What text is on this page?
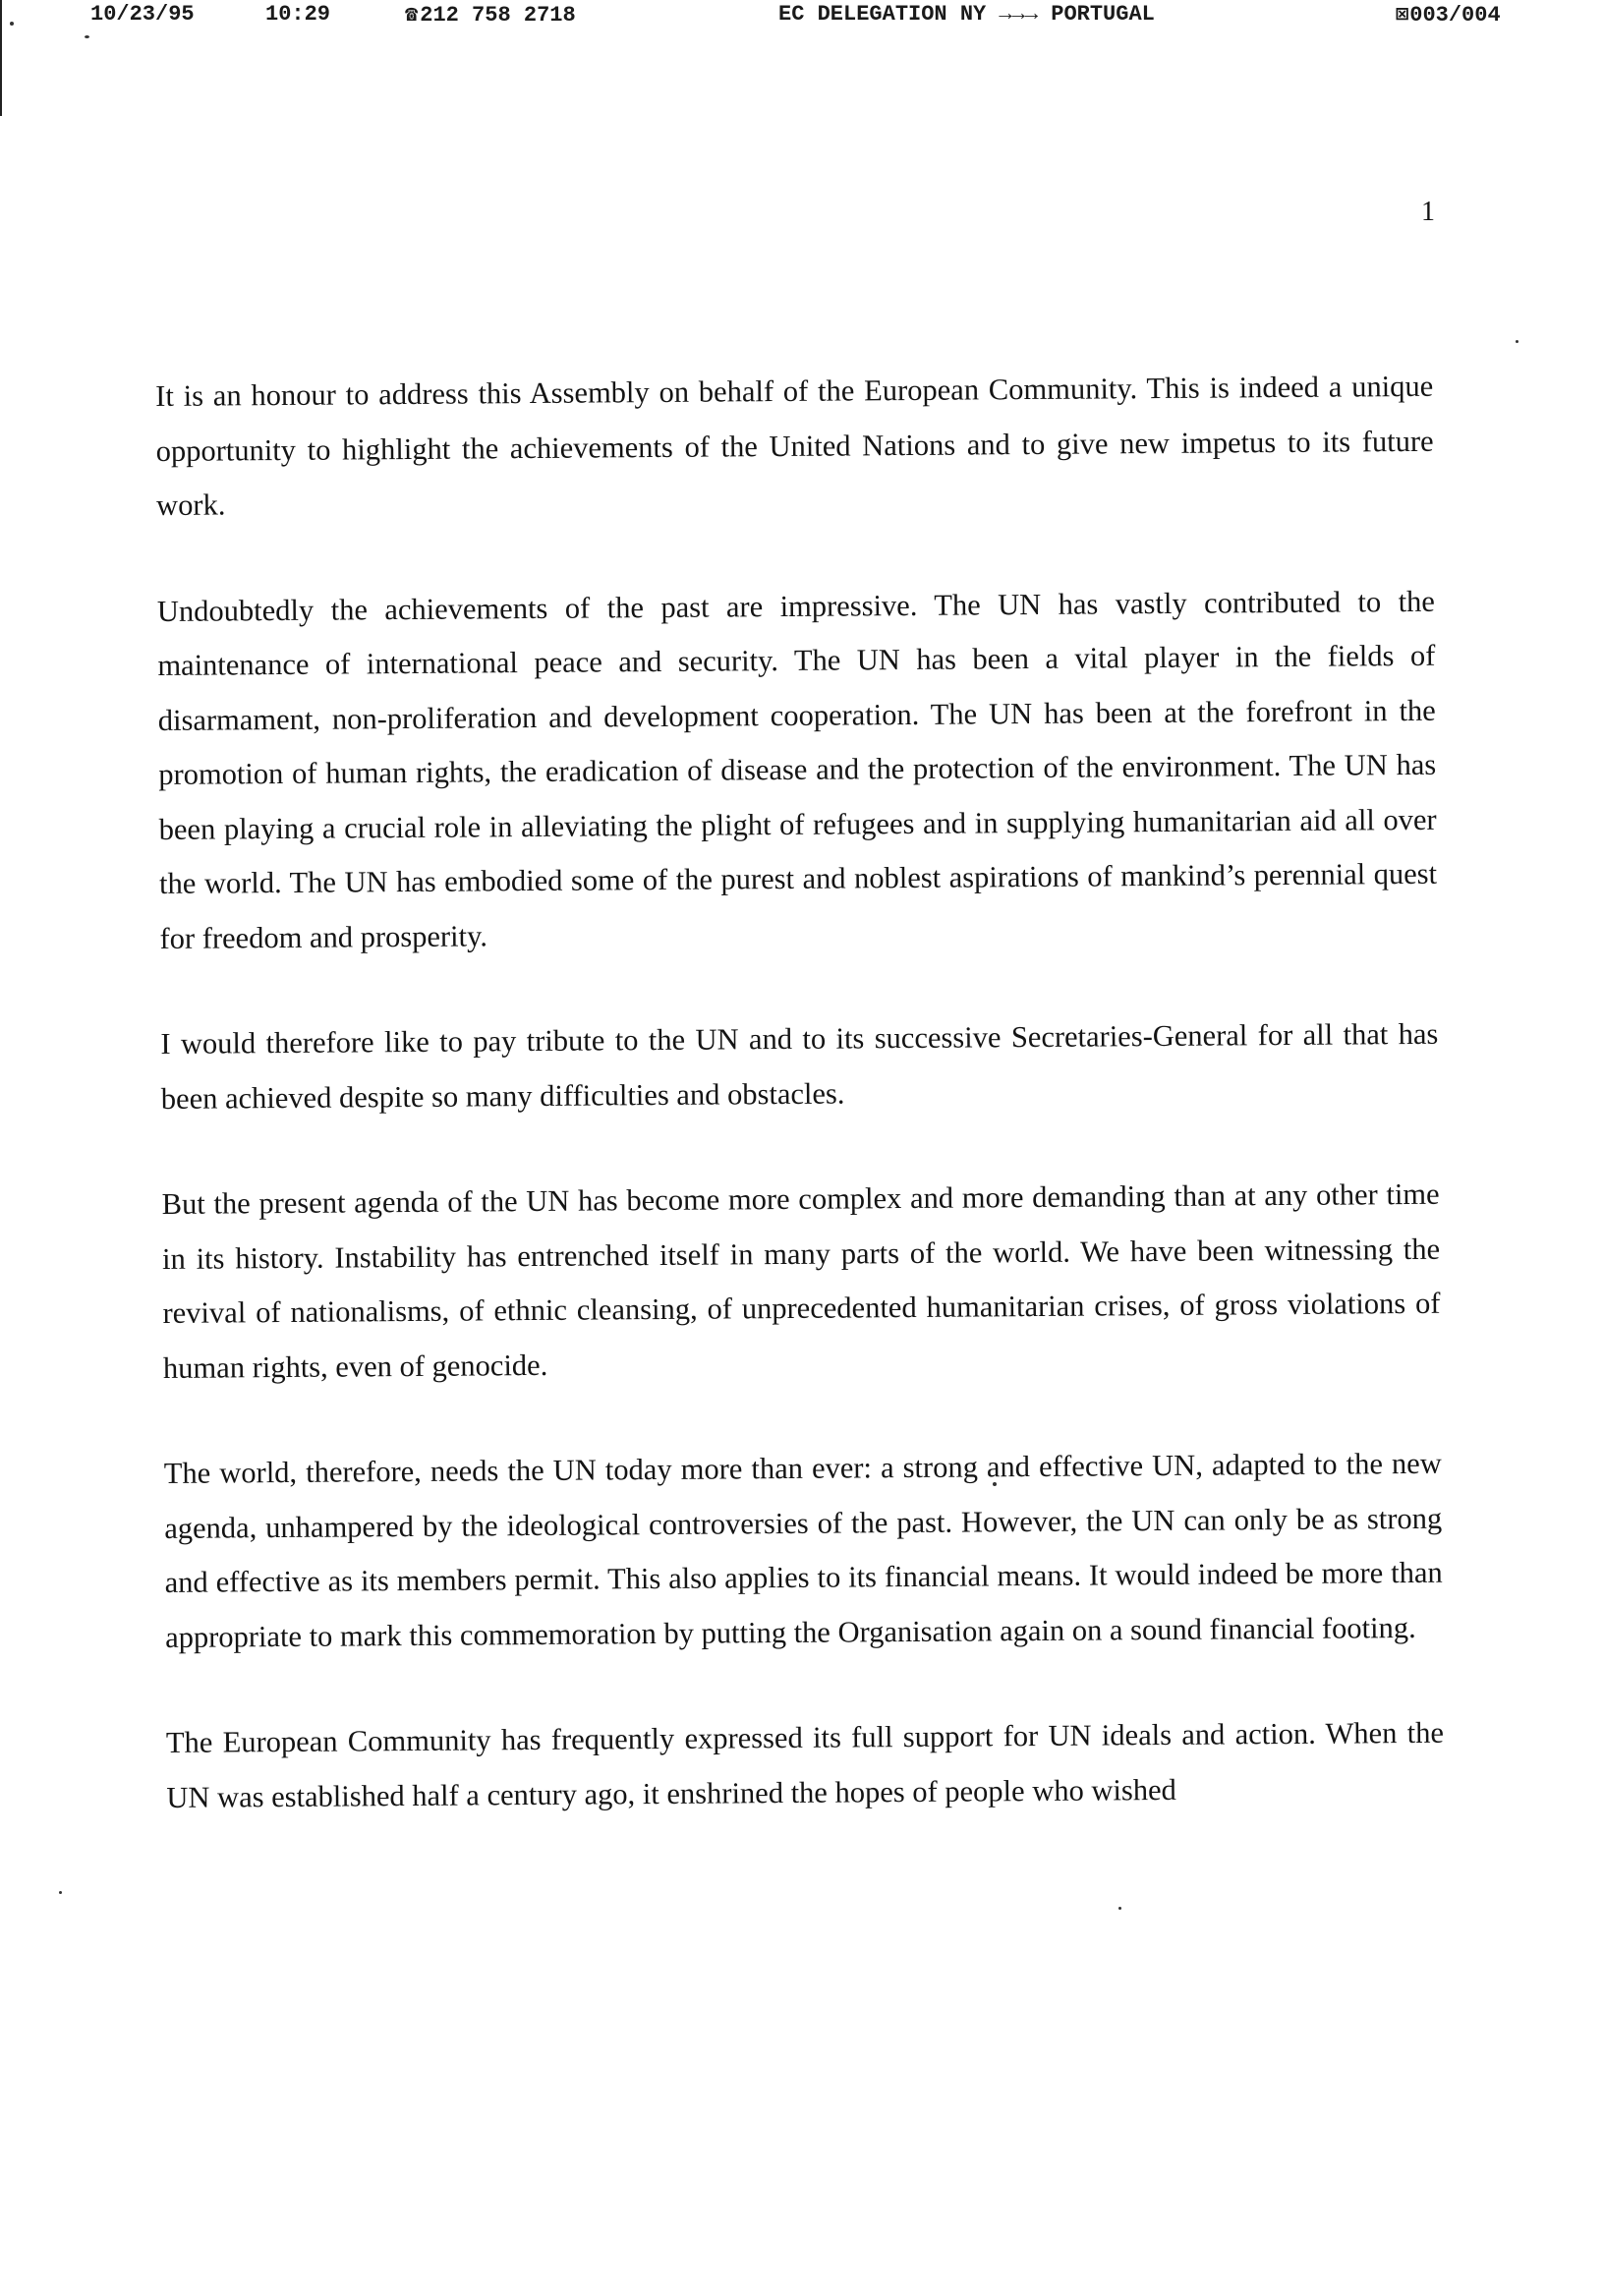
10/23/95	10:29	☎212 758 2718	EC DELEGATION NY →→→ PORTUGAL	⊠003/004
1

It is an honour to address this Assembly on behalf of the European Community. This is indeed a unique opportunity to highlight the achievements of the United Nations and to give new impetus to its future work.

Undoubtedly the achievements of the past are impressive. The UN has vastly contributed to the maintenance of international peace and security. The UN has been a vital player in the fields of disarmament, non-proliferation and development cooperation. The UN has been at the forefront in the promotion of human rights, the eradication of disease and the protection of the environment. The UN has been playing a crucial role in alleviating the plight of refugees and in supplying humanitarian aid all over the world. The UN has embodied some of the purest and noblest aspirations of mankind’s perennial quest for freedom and prosperity.

I would therefore like to pay tribute to the UN and to its successive Secretaries-General for all that has been achieved despite so many difficulties and obstacles.

But the present agenda of the UN has become more complex and more demanding than at any other time in its history. Instability has entrenched itself in many parts of the world. We have been witnessing the revival of nationalisms, of ethnic cleansing, of unprecedented humanitarian crises, of gross violations of human rights, even of genocide.

The world, therefore, needs the UN today more than ever: a strong and effective UN, adapted to the new agenda, unhampered by the ideological controversies of the past. However, the UN can only be as strong and effective as its members permit. This also applies to its financial means. It would indeed be more than appropriate to mark this commemoration by putting the Organisation again on a sound financial footing.

The European Community has frequently expressed its full support for UN ideals and action. When the UN was established half a century ago, it enshrined the hopes of people who wished
